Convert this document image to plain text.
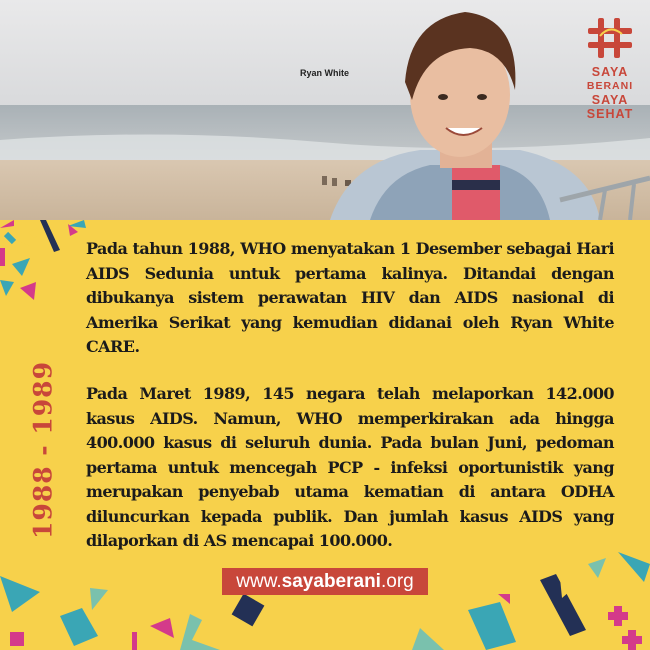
Ryan White	SAYA
BERANI
SAYA
SEHAT
1988 - 1989

Pada tahun 1988, WHO menyatakan 1 Desember sebagai Hari AIDS Sedunia untuk pertama kalinya. Ditandai dengan dibukanya sistem perawatan HIV dan AIDS nasional di Amerika Serikat yang kemudian didanai oleh Ryan White CARE.

Pada Maret 1989, 145 negara telah melaporkan 142.000 kasus AIDS. Namun, WHO memperkirakan ada hingga 400.000 kasus di seluruh dunia. Pada bulan Juni, pedoman pertama untuk mencegah PCP - infeksi oportunistik yang merupakan penyebab utama kematian di antara ODHA diluncurkan kepada publik. Dan jumlah kasus AIDS yang dilaporkan di AS mencapai 100.000.

www.sayaberani.org
